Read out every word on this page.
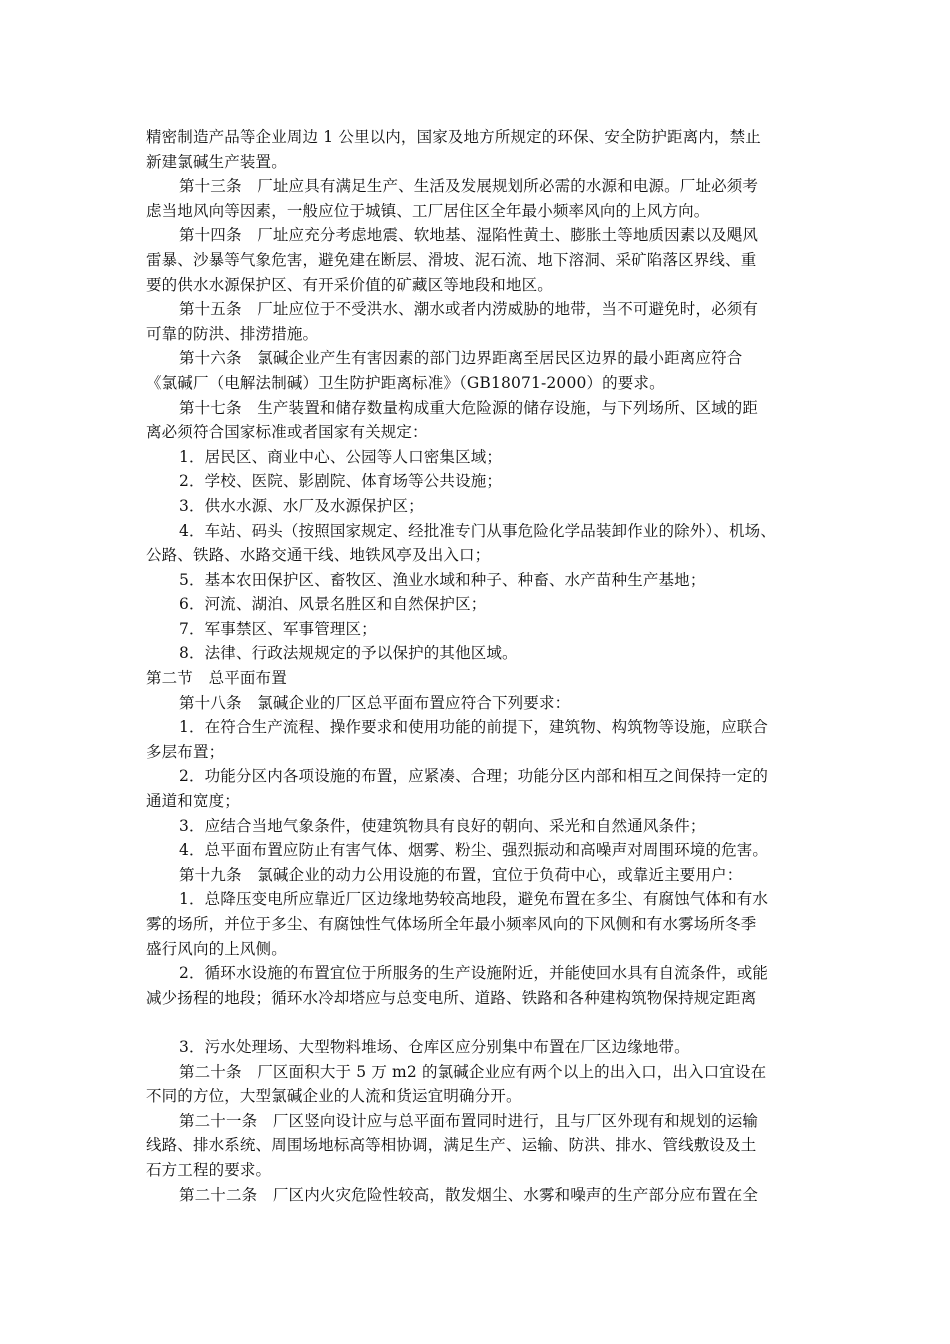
精密制造产品等企业周边 1 公里以内，国家及地方所规定的环保、安全防护距离内，禁止
新建氯碱生产装置。
第十三条　厂址应具有满足生产、生活及发展规划所必需的水源和电源。厂址必须考
虑当地风向等因素，一般应位于城镇、工厂居住区全年最小频率风向的上风方向。
第十四条　厂址应充分考虑地震、软地基、湿陷性黄土、膨胀土等地质因素以及飓风
雷暴、沙暴等气象危害，避免建在断层、滑坡、泥石流、地下溶洞、采矿陷落区界线、重
要的供水水源保护区、有开采价值的矿藏区等地段和地区。
第十五条　厂址应位于不受洪水、潮水或者内涝威胁的地带，当不可避免时，必须有
可靠的防洪、排涝措施。
第十六条　氯碱企业产生有害因素的部门边界距离至居民区边界的最小距离应符合
《氯碱厂（电解法制碱）卫生防护距离标准》（GB18071-2000）的要求。
第十七条　生产装置和储存数量构成重大危险源的储存设施，与下列场所、区域的距
离必须符合国家标准或者国家有关规定：
1．居民区、商业中心、公园等人口密集区域；
2．学校、医院、影剧院、体育场等公共设施；
3．供水水源、水厂及水源保护区；
4．车站、码头（按照国家规定、经批准专门从事危险化学品装卸作业的除外）、机场、
公路、铁路、水路交通干线、地铁风亭及出入口；
5．基本农田保护区、畜牧区、渔业水域和种子、种畜、水产苗种生产基地；
6．河流、湖泊、风景名胜区和自然保护区；
7．军事禁区、军事管理区；
8．法律、行政法规规定的予以保护的其他区域。
第二节　总平面布置
第十八条　氯碱企业的厂区总平面布置应符合下列要求：
1．在符合生产流程、操作要求和使用功能的前提下，建筑物、构筑物等设施，应联合
多层布置；
2．功能分区内各项设施的布置，应紧凑、合理；功能分区内部和相互之间保持一定的
通道和宽度；
3．应结合当地气象条件，使建筑物具有良好的朝向、采光和自然通风条件；
4．总平面布置应防止有害气体、烟雾、粉尘、强烈振动和高噪声对周围环境的危害。
第十九条　氯碱企业的动力公用设施的布置，宜位于负荷中心，或靠近主要用户：
1．总降压变电所应靠近厂区边缘地势较高地段，避免布置在多尘、有腐蚀气体和有水
雾的场所，并位于多尘、有腐蚀性气体场所全年最小频率风向的下风侧和有水雾场所冬季
盛行风向的上风侧。
2．循环水设施的布置宜位于所服务的生产设施附近，并能使回水具有自流条件，或能
减少扬程的地段；循环水冷却塔应与总变电所、道路、铁路和各种建构筑物保持规定距离
3．污水处理场、大型物料堆场、仓库区应分别集中布置在厂区边缘地带。
第二十条　厂区面积大于 5 万 m2 的氯碱企业应有两个以上的出入口，出入口宜设在
不同的方位，大型氯碱企业的人流和货运宜明确分开。
第二十一条　厂区竖向设计应与总平面布置同时进行，且与厂区外现有和规划的运输
线路、排水系统、周围场地标高等相协调，满足生产、运输、防洪、排水、管线敷设及土
石方工程的要求。
第二十二条　厂区内火灾危险性较高，散发烟尘、水雾和噪声的生产部分应布置在全
